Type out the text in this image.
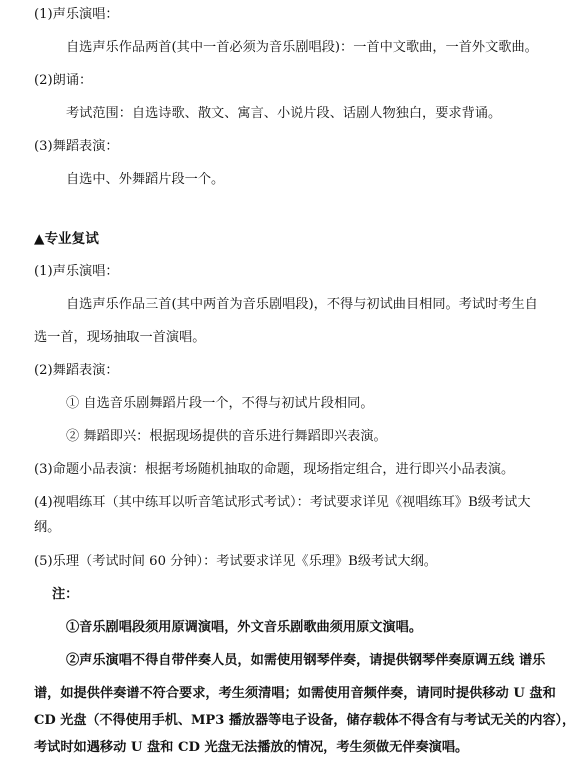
(1)声乐演唱：
自选声乐作品两首(其中一首必须为音乐剧唱段)：一首中文歌曲，一首外文歌曲。
(2)朗诵：
考试范围：自选诗歌、散文、寓言、小说片段、话剧人物独白，要求背诵。
(3)舞蹈表演：
自选中、外舞蹈片段一个。
▲专业复试
(1)声乐演唱：
自选声乐作品三首(其中两首为音乐剧唱段)，不得与初试曲目相同。考试时考生自
选一首，现场抽取一首演唱。
(2)舞蹈表演：
① 自选音乐剧舞蹈片段一个，不得与初试片段相同。
② 舞蹈即兴：根据现场提供的音乐进行舞蹈即兴表演。
(3)命题小品表演：根据考场随机抽取的命题，现场指定组合，进行即兴小品表演。
(4)视唱练耳（其中练耳以听音笔试形式考试）：考试要求详见《视唱练耳》B级考试大
纲。
(5)乐理（考试时间 60 分钟）：考试要求详见《乐理》B级考试大纲。
注：
①音乐剧唱段须用原调演唱，外文音乐剧歌曲须用原文演唱。
②声乐演唱不得自带伴奏人员，如需使用钢琴伴奏，请提供钢琴伴奏原调五线 谱乐
谱，如提供伴奏谱不符合要求，考生须清唱；如需使用音频伴奏，请同时提供移动 U 盘和
CD 光盘（不得使用手机、MP3 播放器等电子设备，储存载体不得含有与考试无关的内容），
考试时如遇移动 U 盘和 CD 光盘无法播放的情况，考生须做无伴奏演唱。
